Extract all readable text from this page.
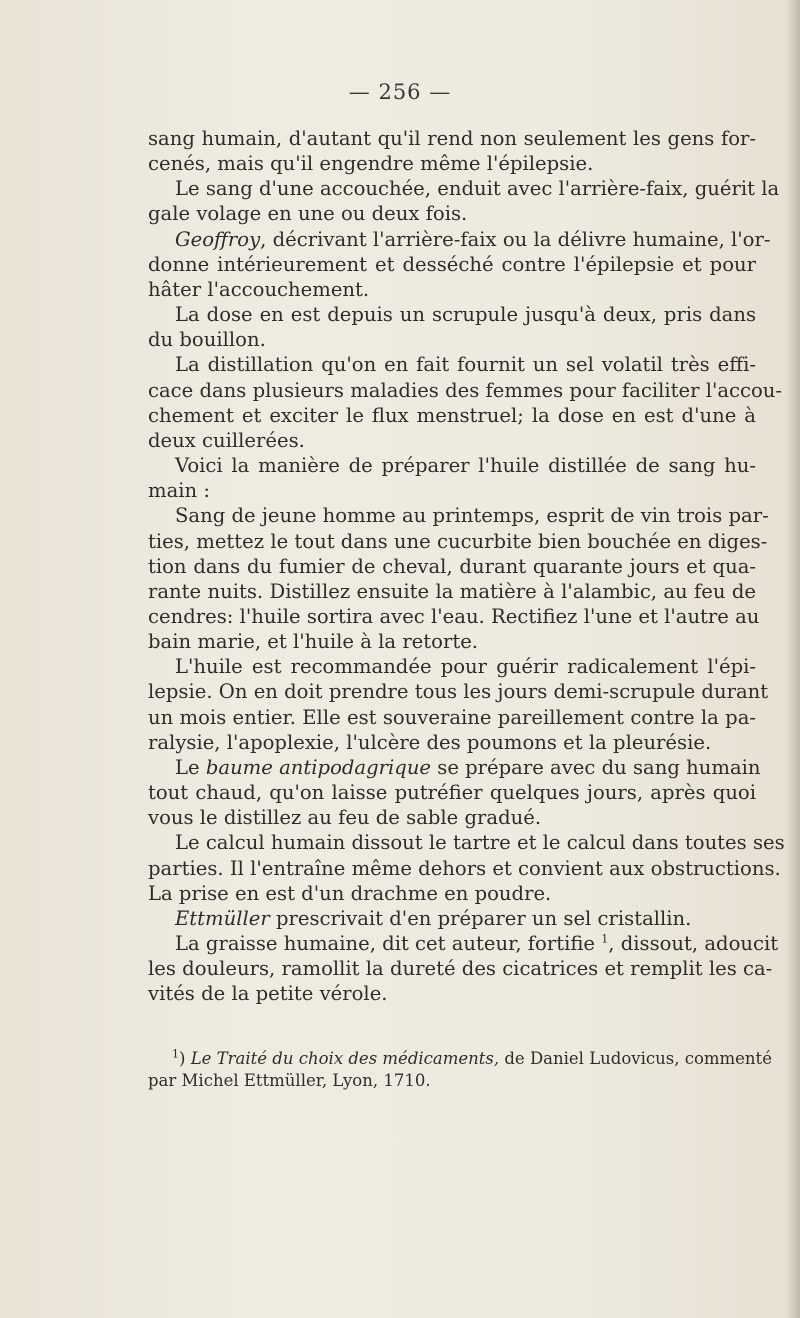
— 256 —
sang humain, d'autant qu'il rend non seulement les gens for-
cenés, mais qu'il engendre même l'épilepsie.
Le sang d'une accouchée, enduit avec l'arrière-faix, guérit la
gale volage en une ou deux fois.
Geoffroy, décrivant l'arrière-faix ou la délivre humaine, l'or-
donne intérieurement et desséché contre l'épilepsie et pour
hâter l'accouchement.
La dose en est depuis un scrupule jusqu'à deux, pris dans
du bouillon.
La distillation qu'on en fait fournit un sel volatil très effi-
cace dans plusieurs maladies des femmes pour faciliter l'accou-
chement et exciter le flux menstruel; la dose en est d'une à
deux cuillerées.
Voici la manière de préparer l'huile distillée de sang hu-
main :
Sang de jeune homme au printemps, esprit de vin trois par-
ties, mettez le tout dans une cucurbite bien bouchée en diges-
tion dans du fumier de cheval, durant quarante jours et qua-
rante nuits. Distillez ensuite la matière à l'alambic, au feu de
cendres: l'huile sortira avec l'eau. Rectifiez l'une et l'autre au
bain marie, et l'huile à la retorte.
L'huile est recommandée pour guérir radicalement l'épi-
lepsie. On en doit prendre tous les jours demi-scrupule durant
un mois entier. Elle est souveraine pareillement contre la pa-
ralysie, l'apoplexie, l'ulcère des poumons et la pleurésie.
Le baume antipodagrique se prépare avec du sang humain
tout chaud, qu'on laisse putréfier quelques jours, après quoi
vous le distillez au feu de sable gradué.
Le calcul humain dissout le tartre et le calcul dans toutes ses
parties. Il l'entraîne même dehors et convient aux obstructions.
La prise en est d'un drachme en poudre.
Ettmüller prescrivait d'en préparer un sel cristallin.
La graisse humaine, dit cet auteur, fortifie $^1$, dissout, adoucit
les douleurs, ramollit la dureté des cicatrices et remplit les ca-
vités de la petite vérole.
$^1$) Le Traité du choix des médicaments, de Daniel Ludovicus, commenté
par Michel Ettmüller, Lyon, 1710.
